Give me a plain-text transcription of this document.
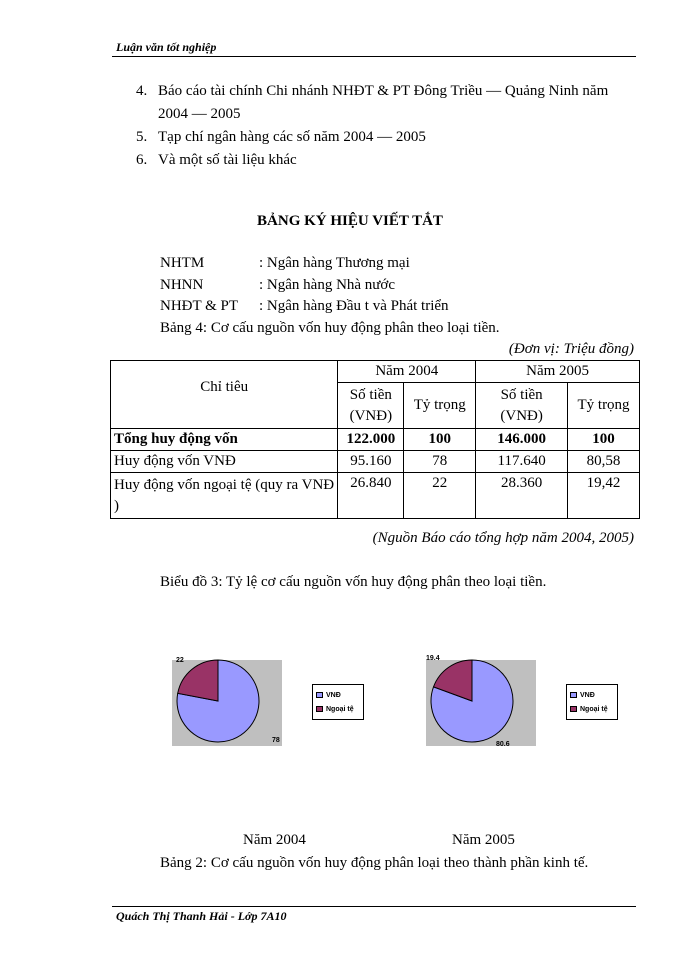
Luận văn tốt nghiệp
4. Báo cáo tài chính Chi nhánh NHĐT & PT Đông Triều — Quảng Ninh năm 2004 — 2005
5. Tạp chí ngân hàng các số năm 2004 — 2005
6. Và một số tài liệu khác
BẢNG KÝ HIỆU VIẾT TẮT
NHTM	: Ngân hàng Thương mại
NHNN	: Ngân hàng Nhà nước
NHĐT & PT	: Ngân hàng Đầu t và Phát triển
Bảng 4: Cơ cấu nguồn vốn huy động phân theo loại tiền.
(Đơn vị: Triệu đồng)
Chỉ tiêu	Năm 2004		Năm 2005	
	Số tiền (VNĐ)	Tỷ trọng	Số tiền (VNĐ)	Tỷ trọng
Tổng huy động vốn	122.000	100	146.000	100
Huy động vốn VNĐ	95.160	78	117.640	80,58
Huy động vốn ngoại tệ (quy ra VNĐ )	26.840	22	28.360	19,42
(Nguồn Báo cáo tổng hợp năm 2004, 2005)
Biểu đồ 3: Tỷ lệ cơ cấu nguồn vốn huy động phân theo loại tiền.
78
22
VNĐ
Ngoại tệ
80.6
19.4
VNĐ
Ngoại tệ
Năm 2004	Năm 2005
Bảng 2: Cơ cấu nguồn vốn huy động phân loại theo thành phần kinh tế.
Quách Thị Thanh Hải - Lớp 7A10
